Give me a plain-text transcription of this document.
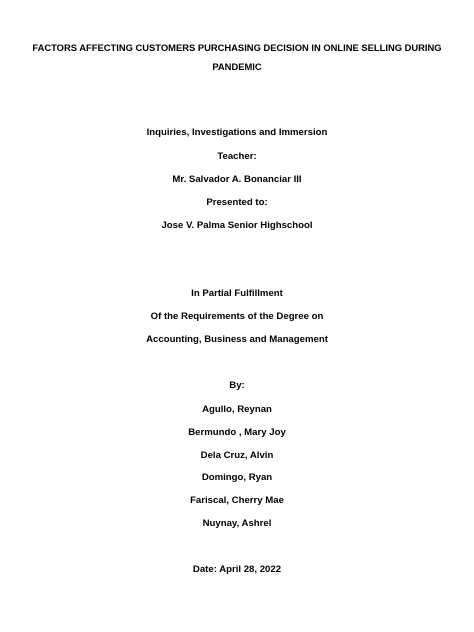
FACTORS AFFECTING CUSTOMERS PURCHASING DECISION IN ONLINE SELLING DURING
PANDEMIC
Inquiries, Investigations and Immersion
Teacher:
Mr. Salvador A. Bonanciar III
Presented to:
Jose V. Palma Senior Highschool
In Partial Fulfillment
Of the Requirements of the Degree on
Accounting, Business and Management
By:
Agullo, Reynan
Bermundo , Mary Joy
Dela Cruz, Alvin
Domingo, Ryan
Fariscal, Cherry Mae
Nuynay, Ashrel
Date: April 28, 2022
